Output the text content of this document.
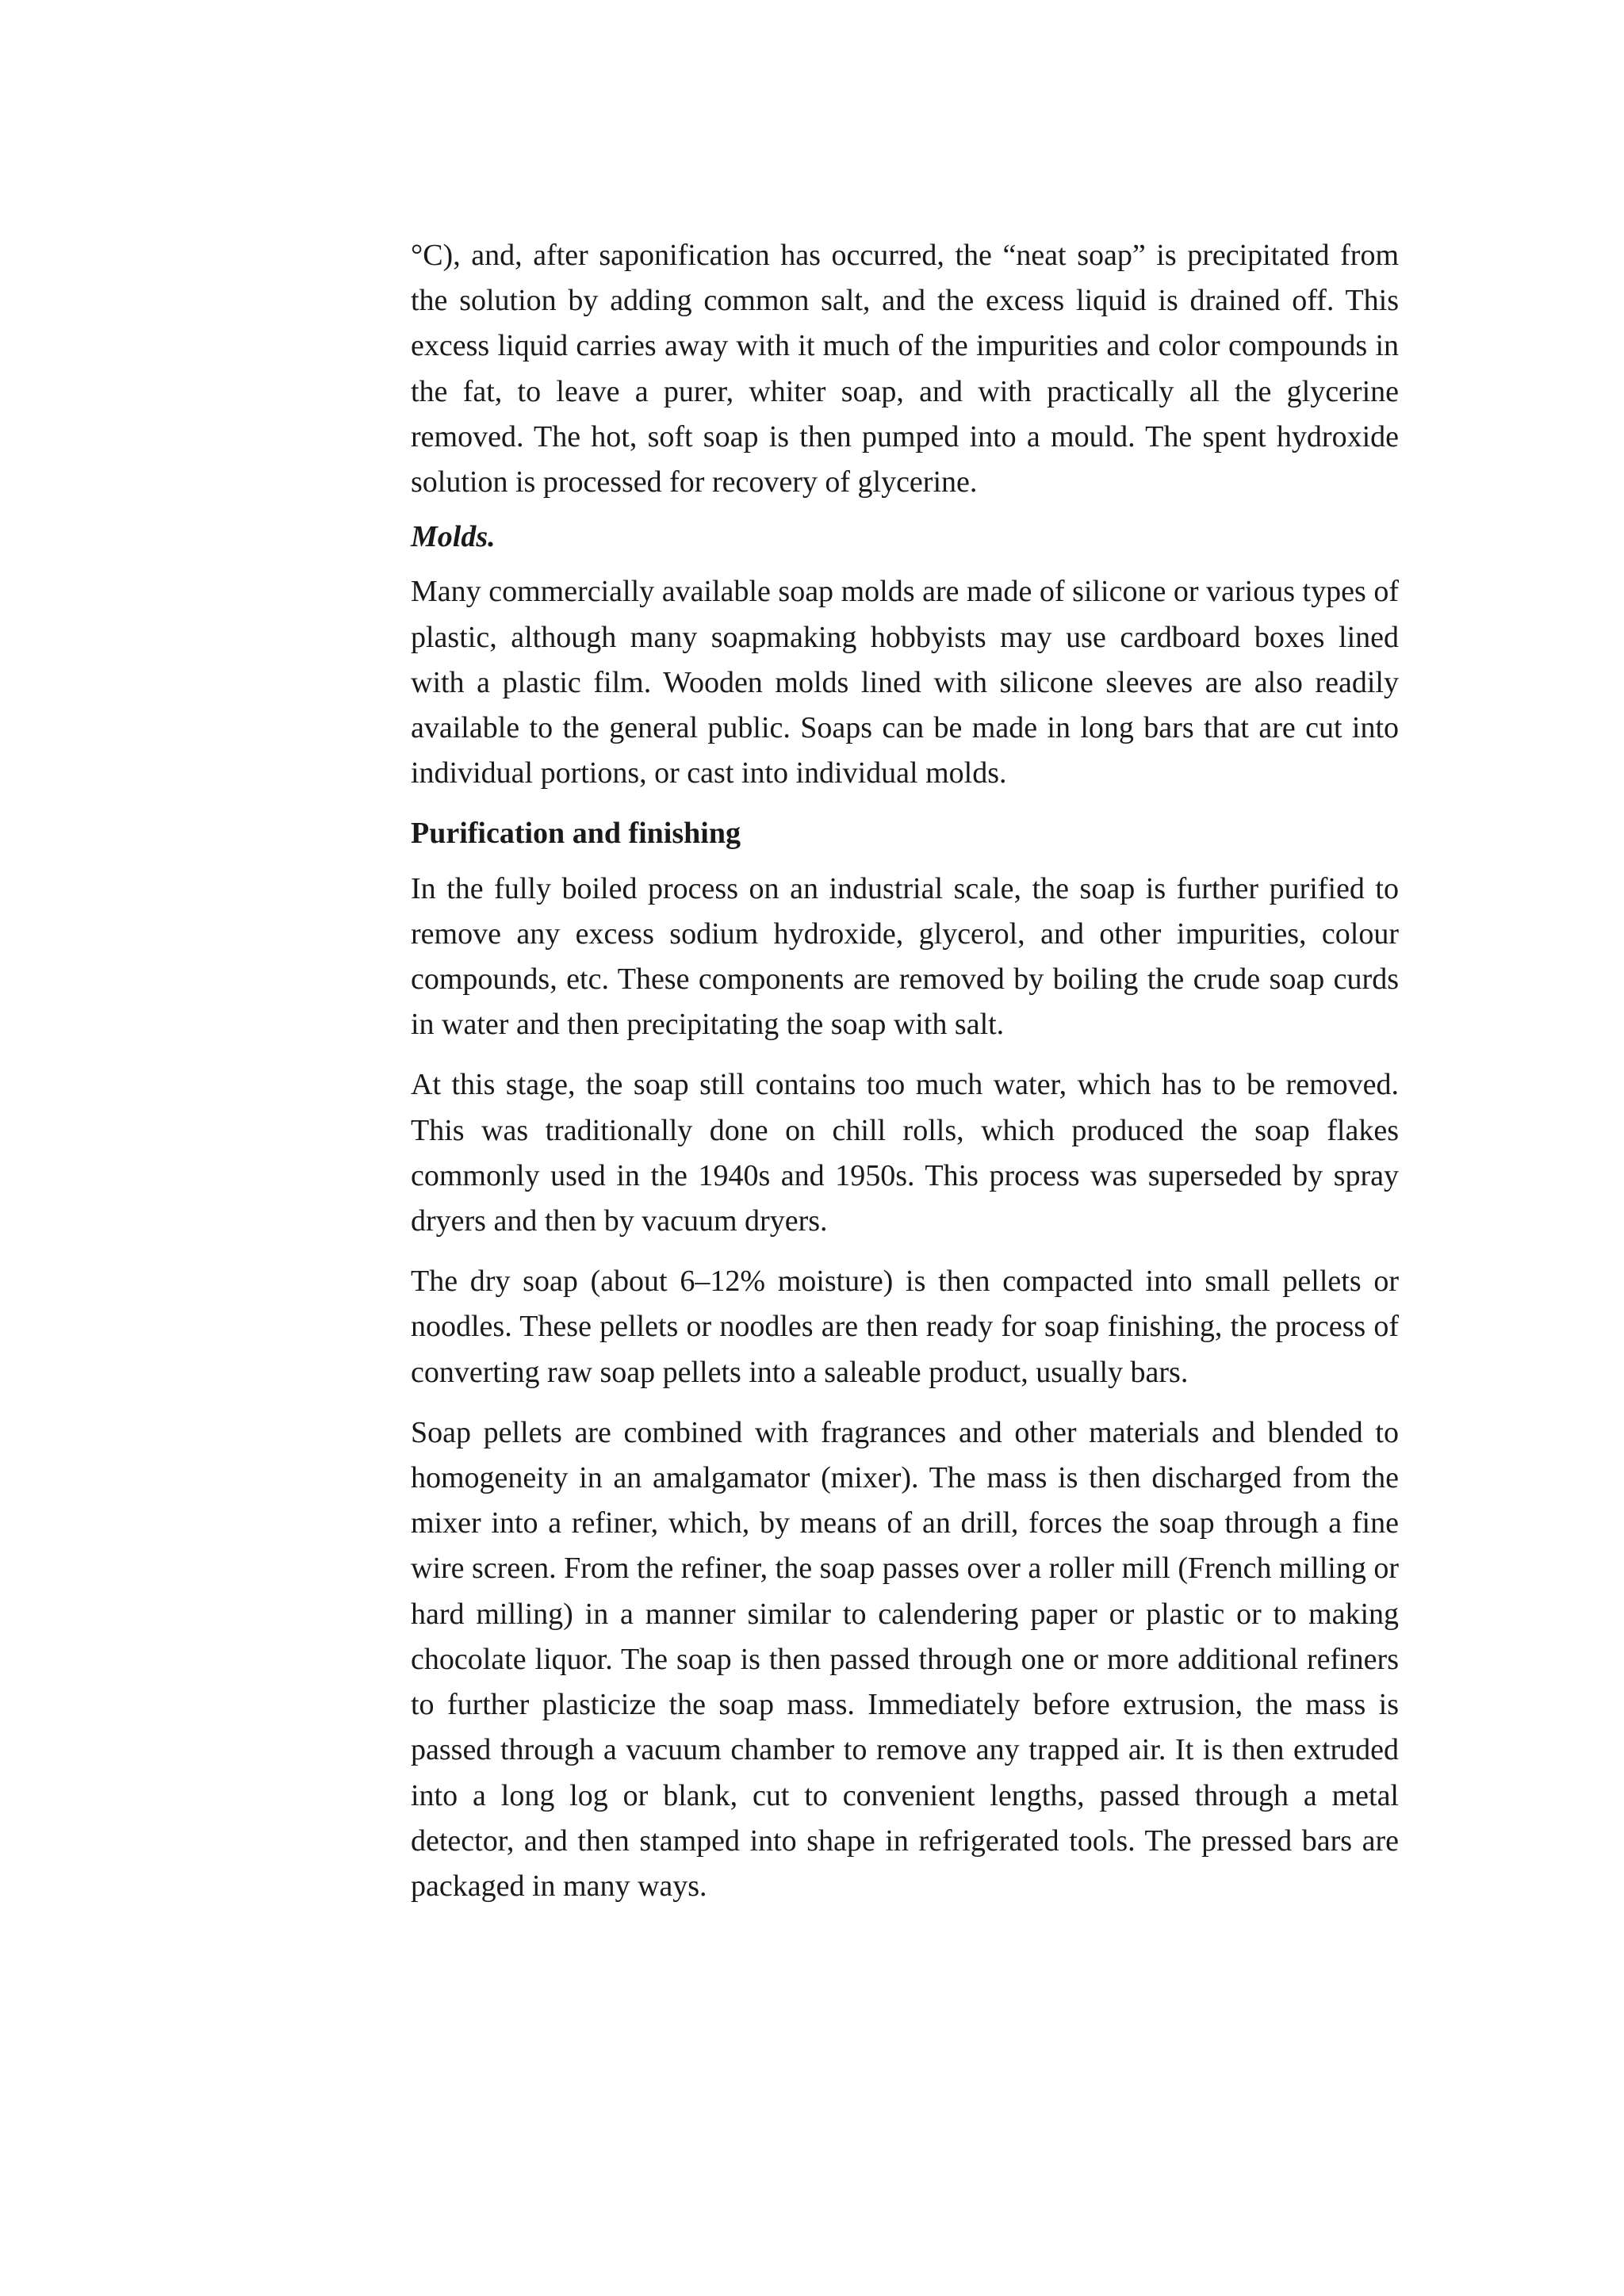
°C), and, after saponification has occurred, the “neat soap” is precipitated from the solution by adding common salt, and the excess liquid is drained off. This excess liquid carries away with it much of the impurities and color compounds in the fat, to leave a purer, whiter soap, and with practically all the glycerine removed. The hot, soft soap is then pumped into a mould. The spent hydroxide solution is processed for recovery of glycerine.

Molds.

Many commercially available soap molds are made of silicone or various types of plastic, although many soapmaking hobbyists may use cardboard boxes lined with a plastic film. Wooden molds lined with silicone sleeves are also readily available to the general public. Soaps can be made in long bars that are cut into individual portions, or cast into individual molds.

Purification and finishing

In the fully boiled process on an industrial scale, the soap is further purified to remove any excess sodium hydroxide, glycerol, and other impurities, colour compounds, etc. These components are removed by boiling the crude soap curds in water and then precipitating the soap with salt.

At this stage, the soap still contains too much water, which has to be removed. This was traditionally done on chill rolls, which produced the soap flakes commonly used in the 1940s and 1950s. This process was superseded by spray dryers and then by vacuum dryers.

The dry soap (about 6–12% moisture) is then compacted into small pellets or noodles. These pellets or noodles are then ready for soap finishing, the process of converting raw soap pellets into a saleable product, usually bars.

Soap pellets are combined with fragrances and other materials and blended to homogeneity in an amalgamator (mixer). The mass is then discharged from the mixer into a refiner, which, by means of an drill, forces the soap through a fine wire screen. From the refiner, the soap passes over a roller mill (French milling or hard milling) in a manner similar to calendering paper or plastic or to making chocolate liquor. The soap is then passed through one or more additional refiners to further plasticize the soap mass. Immediately before extrusion, the mass is passed through a vacuum chamber to remove any trapped air. It is then extruded into a long log or blank, cut to convenient lengths, passed through a metal detector, and then stamped into shape in refrigerated tools. The pressed bars are packaged in many ways.
